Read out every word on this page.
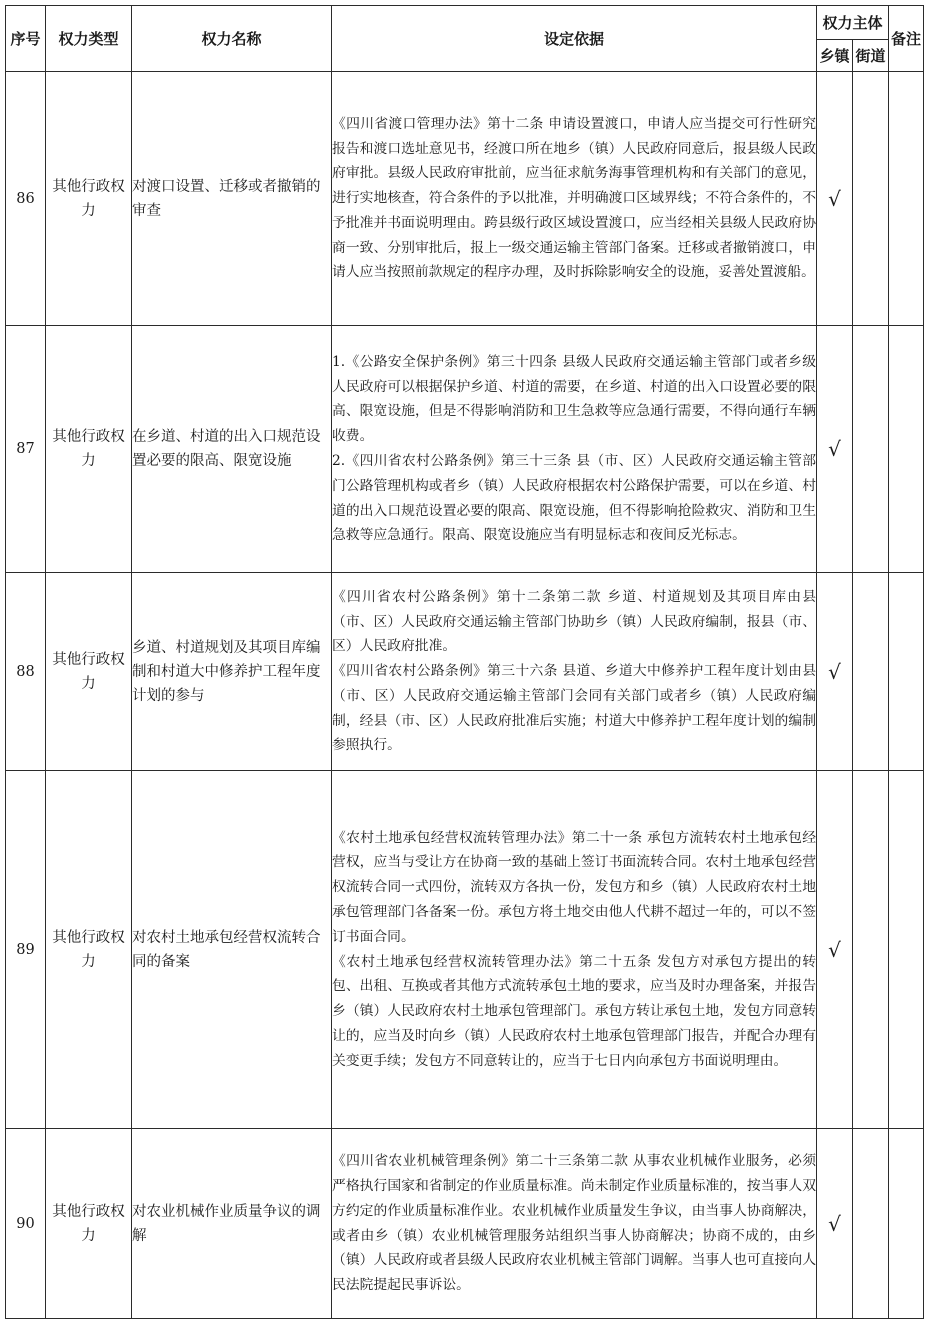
序号	权力类型	权力名称	设定依据	权力主体		备注
				乡镇	街道	
86	其他行政权力	对渡口设置、迁移或者撤销的审查	《四川省渡口管理办法》第十二条 申请设置渡口，申请人应当提交可行性研究报告和渡口选址意见书，经渡口所在地乡（镇）人民政府同意后，报县级人民政府审批。县级人民政府审批前，应当征求航务海事管理机构和有关部门的意见，进行实地核查，符合条件的予以批准，并明确渡口区域界线；不符合条件的，不予批准并书面说明理由。跨县级行政区域设置渡口，应当经相关县级人民政府协商一致、分别审批后，报上一级交通运输主管部门备案。迁移或者撤销渡口，申请人应当按照前款规定的程序办理，及时拆除影响安全的设施，妥善处置渡船。	√		
87	其他行政权力	在乡道、村道的出入口规范设置必要的限高、限宽设施	1.《公路安全保护条例》第三十四条 县级人民政府交通运输主管部门或者乡级人民政府可以根据保护乡道、村道的需要，在乡道、村道的出入口设置必要的限高、限宽设施，但是不得影响消防和卫生急救等应急通行需要，不得向通行车辆收费。
2.《四川省农村公路条例》第三十三条 县（市、区）人民政府交通运输主管部门公路管理机构或者乡（镇）人民政府根据农村公路保护需要，可以在乡道、村道的出入口规范设置必要的限高、限宽设施，但不得影响抢险救灾、消防和卫生急救等应急通行。限高、限宽设施应当有明显标志和夜间反光标志。	√		
88	其他行政权力	乡道、村道规划及其项目库编制和村道大中修养护工程年度计划的参与	《四川省农村公路条例》第十二条第二款 乡道、村道规划及其项目库由县（市、区）人民政府交通运输主管部门协助乡（镇）人民政府编制，报县（市、区）人民政府批准。
《四川省农村公路条例》第三十六条 县道、乡道大中修养护工程年度计划由县（市、区）人民政府交通运输主管部门会同有关部门或者乡（镇）人民政府编制，经县（市、区）人民政府批准后实施；村道大中修养护工程年度计划的编制参照执行。	√		
89	其他行政权力	对农村土地承包经营权流转合同的备案	《农村土地承包经营权流转管理办法》第二十一条 承包方流转农村土地承包经营权，应当与受让方在协商一致的基础上签订书面流转合同。农村土地承包经营权流转合同一式四份，流转双方各执一份，发包方和乡（镇）人民政府农村土地承包管理部门各备案一份。承包方将土地交由他人代耕不超过一年的，可以不签订书面合同。
《农村土地承包经营权流转管理办法》第二十五条 发包方对承包方提出的转包、出租、互换或者其他方式流转承包土地的要求，应当及时办理备案，并报告乡（镇）人民政府农村土地承包管理部门。承包方转让承包土地，发包方同意转让的，应当及时向乡（镇）人民政府农村土地承包管理部门报告，并配合办理有关变更手续；发包方不同意转让的，应当于七日内向承包方书面说明理由。	√		
90	其他行政权力	对农业机械作业质量争议的调解	《四川省农业机械管理条例》第二十三条第二款 从事农业机械作业服务，必须严格执行国家和省制定的作业质量标准。尚未制定作业质量标准的，按当事人双方约定的作业质量标准作业。农业机械作业质量发生争议，由当事人协商解决，或者由乡（镇）农业机械管理服务站组织当事人协商解决；协商不成的，由乡（镇）人民政府或者县级人民政府农业机械主管部门调解。当事人也可直接向人民法院提起民事诉讼。	√		
